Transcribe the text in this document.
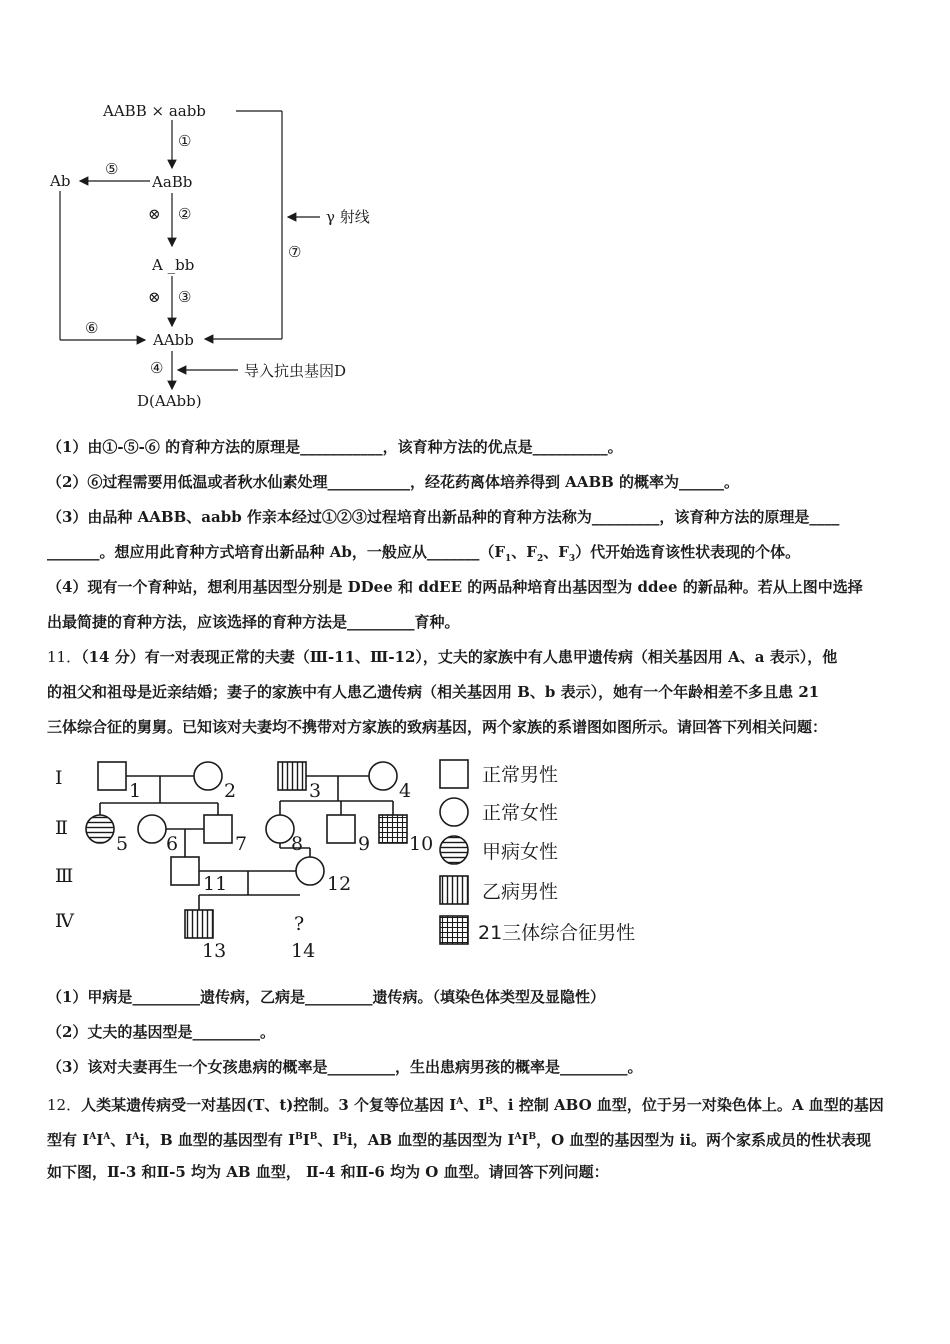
AABB × aabb
γ 射线
⑦
①
AaBb
⑤
Ab
⊗ ②
A _bb
⊗ ③
⑥
AAbb
④	导入抗虫基因D
D(AAbb)
（1）由①-⑤-⑥ 的育种方法的原理是___________，该育种方法的优点是__________。
（2）⑥过程需要用低温或者秋水仙素处理___________，经花药离体培养得到 AABB 的概率为______。
（3）由品种 AABB、aabb 作亲本经过①②③过程培育出新品种的育种方法称为_________，该育种方法的原理是____
_______。想应用此育种方式培育出新品种 Ab，一般应从$\_\_\_\_\_\_\_(F_1$、$F_2$、$F_3$）代开始选育该性状表现的个体。
（4）现有一个育种站，想利用基因型分别是 DDee 和 ddEE 的两品种培育出基因型为 ddee 的新品种。若从上图中选择
出最简捷的育种方法，应该选择的育种方法是_________育种。
11．（14 分）有一对表现正常的夫妻（Ⅲ-11、Ⅲ-12），丈夫的家族中有人患甲遗传病（相关基因用 A、a 表示），他
的祖父和祖母是近亲结婚；妻子的家族中有人患乙遗传病（相关基因用 B、b 表示），她有一个年龄相差不多且患 21
三体综合征的舅舅。已知该对夫妻均不携带对方家族的致病基因，两个家族的系谱图如图所示。请回答下列相关问题：
Ⅰ
Ⅱ
Ⅲ
Ⅳ
1	2	3	4
5 6	7 8	9 10
11	12
13
?
14
正常男性
正常女性
甲病女性
乙病男性
21三体综合征男性
（1）甲病是_________遗传病，乙病是_________遗传病。（填染色体类型及显隐性）
（2）丈夫的基因型是_________。
（3）该对夫妻再生一个女孩患病的概率是_________，生出患病男孩的概率是_________。
12．人类某遗传病受一对基因(T、t)控制。3 个复等位基因 $I^A$、$I^B$、i 控制 ABO 血型，位于另一对染色体上。A 血型的基因
型有 $I^AI^A$、$I^Ai$，B 血型的基因型有 $I^BI^B$、$I^Bi$，AB 血型的基因型为 $I^AI^B$，O 血型的基因型为 ii。两个家系成员的性状表现
如下图，Ⅱ-3 和Ⅱ-5 均为 AB 血型， Ⅱ-4 和Ⅱ-6 均为 O 血型。请回答下列问题：
